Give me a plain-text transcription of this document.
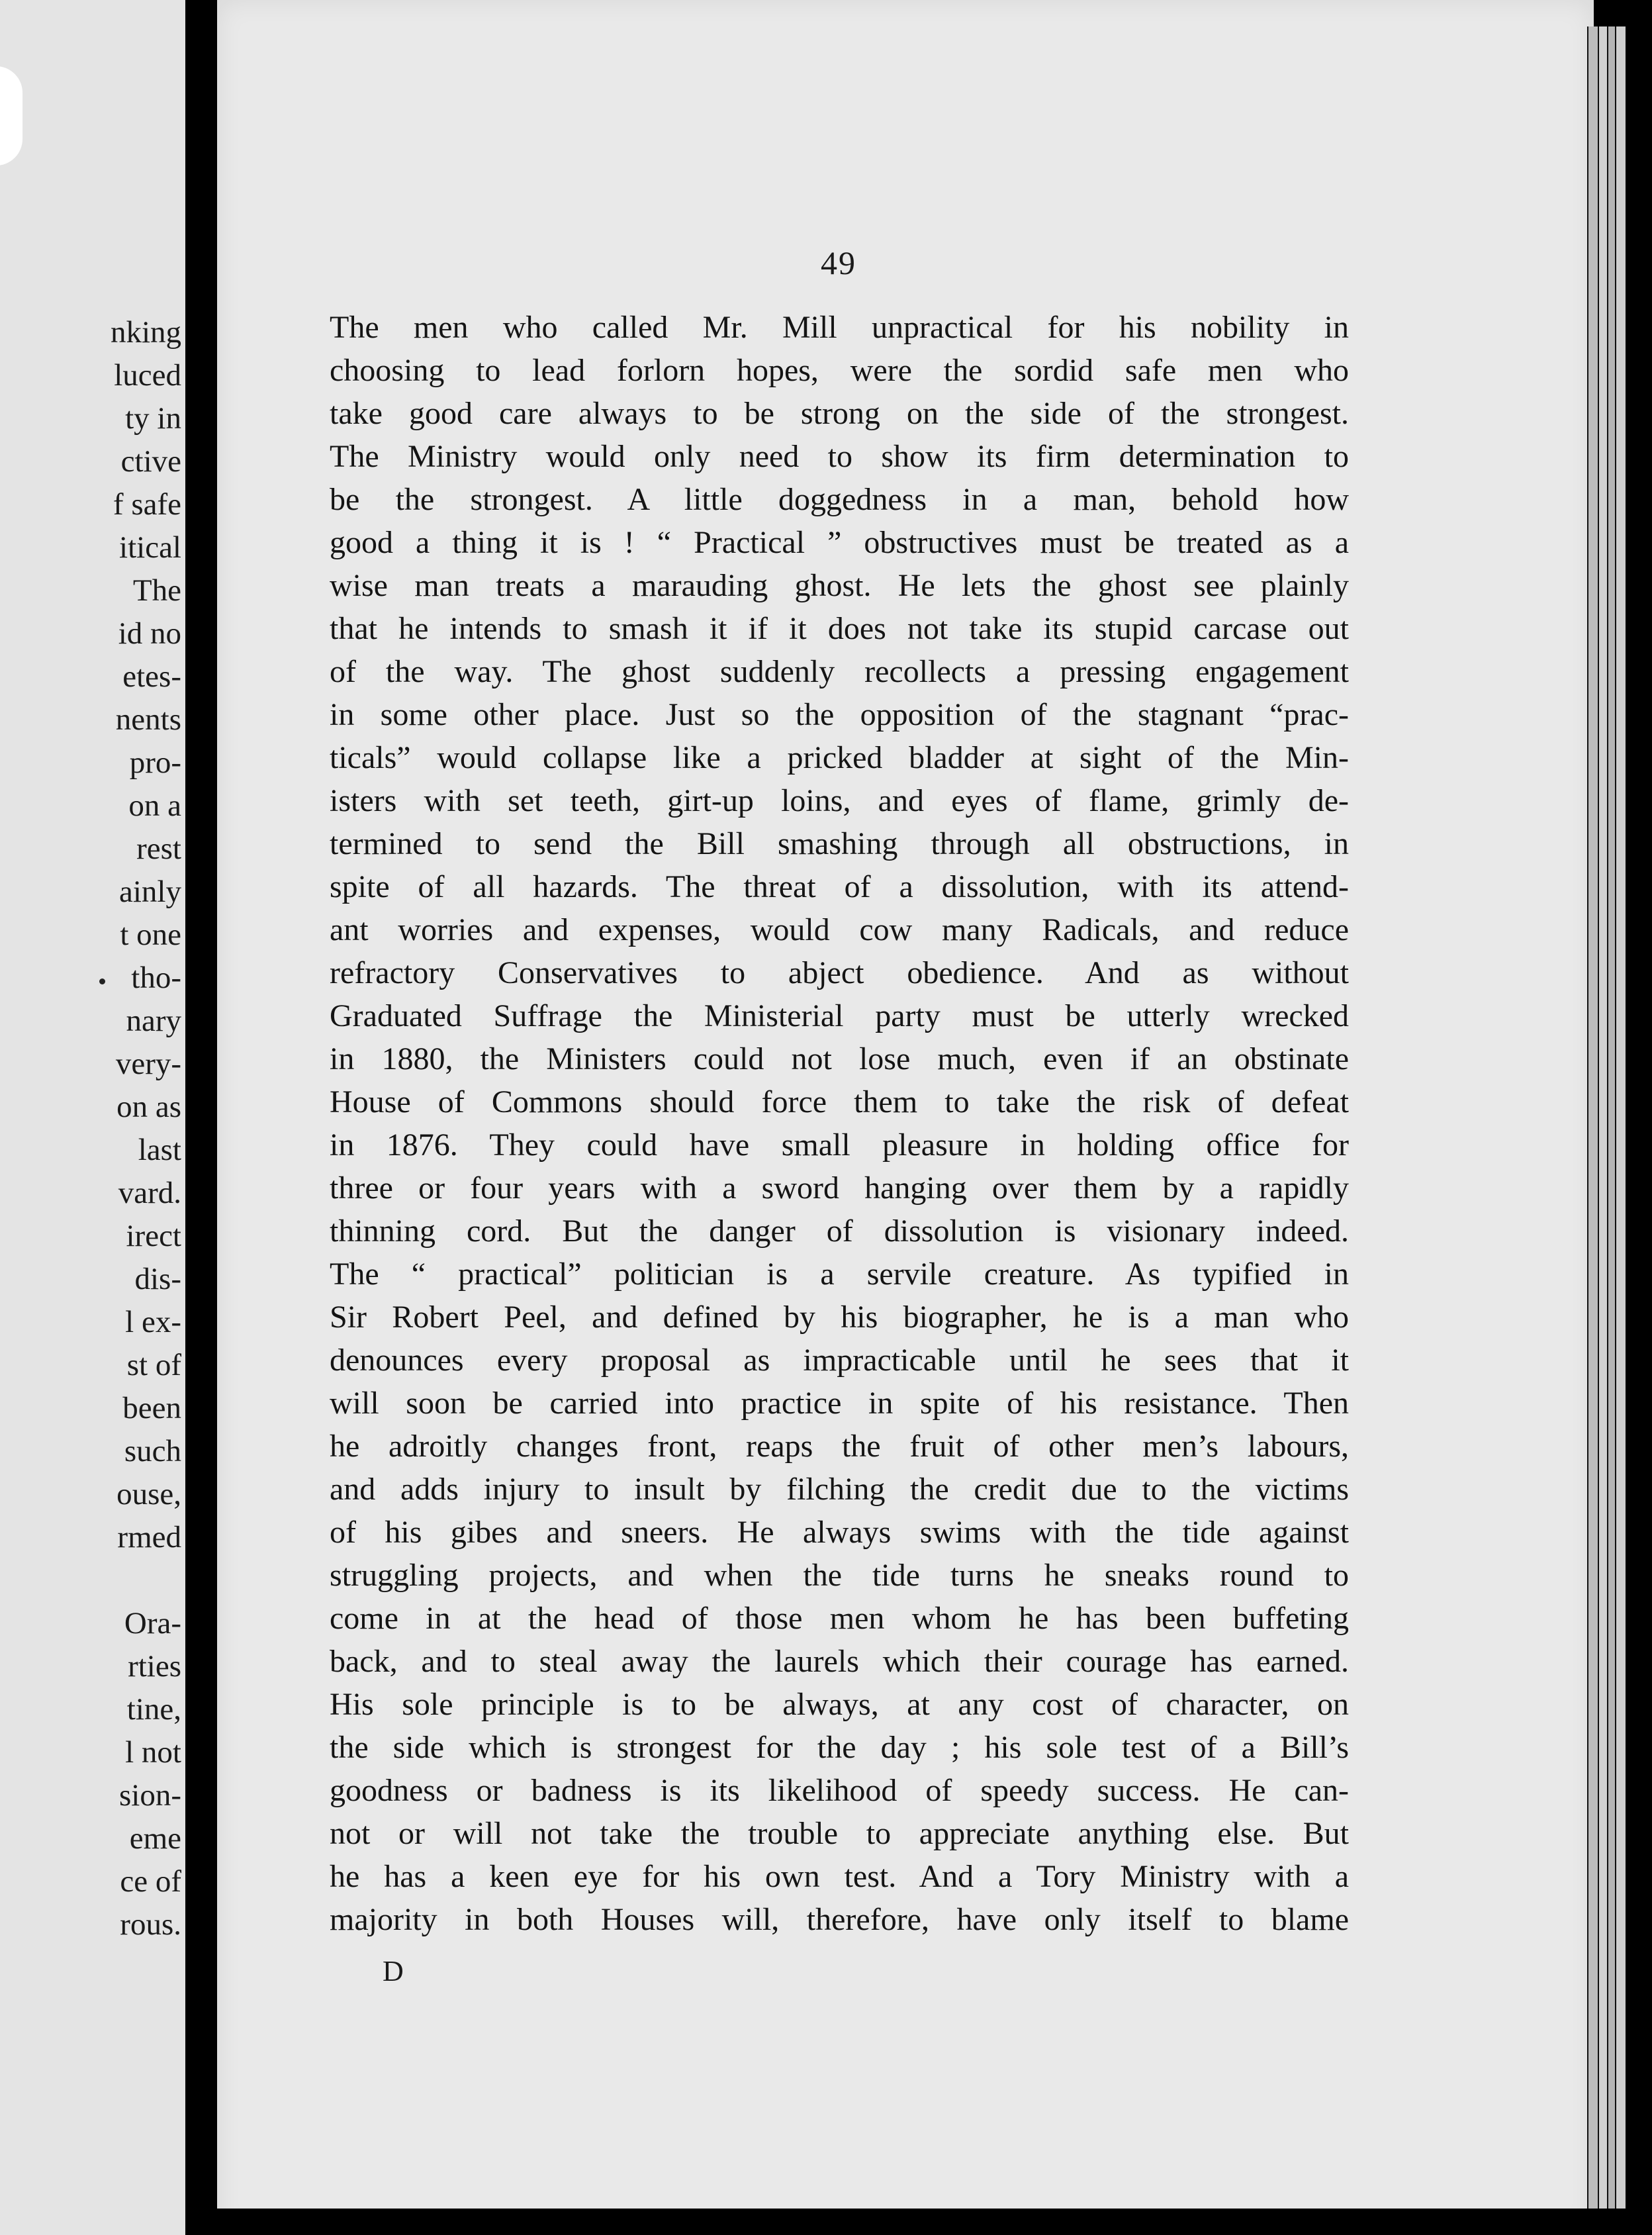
nking
luced
ty in
ctive
f safe
itical
The
id no
etes-
nents
pro-
on a
rest
ainly
t one
tho-
nary
very-
on as
last
vard.
irect
dis-
l ex-
st of
been
such
ouse,
rmed
Ora-
rties
tine,
l not
sion-
eme
ce of
rous.
49
The men who called Mr. Mill unpractical for his nobility in
choosing to lead forlorn hopes, were the sordid safe men who
take good care always to be strong on the side of the strongest.
The Ministry would only need to show its firm determination to
be the strongest. A little doggedness in a man, behold how
good a thing it is ! “ Practical ” obstructives must be treated as a
wise man treats a marauding ghost. He lets the ghost see plainly
that he intends to smash it if it does not take its stupid carcase out
of the way. The ghost suddenly recollects a pressing engagement
in some other place. Just so the opposition of the stagnant “prac-
ticals” would collapse like a pricked bladder at sight of the Min-
isters with set teeth, girt-up loins, and eyes of flame, grimly de-
termined to send the Bill smashing through all obstructions, in
spite of all hazards. The threat of a dissolution, with its attend-
ant worries and expenses, would cow many Radicals, and reduce
refractory Conservatives to abject obedience. And as without
Graduated Suffrage the Ministerial party must be utterly wrecked
in 1880, the Ministers could not lose much, even if an obstinate
House of Commons should force them to take the risk of defeat
in 1876. They could have small pleasure in holding office for
three or four years with a sword hanging over them by a rapidly
thinning cord. But the danger of dissolution is visionary indeed.
The “ practical” politician is a servile creature. As typified in
Sir Robert Peel, and defined by his biographer, he is a man who
denounces every proposal as impracticable until he sees that it
will soon be carried into practice in spite of his resistance. Then
he adroitly changes front, reaps the fruit of other men’s labours,
and adds injury to insult by filching the credit due to the victims
of his gibes and sneers. He always swims with the tide against
struggling projects, and when the tide turns he sneaks round to
come in at the head of those men whom he has been buffeting
back, and to steal away the laurels which their courage has earned.
His sole principle is to be always, at any cost of character, on
the side which is strongest for the day ; his sole test of a Bill’s
goodness or badness is its likelihood of speedy success. He can-
not or will not take the trouble to appreciate anything else. But
he has a keen eye for his own test. And a Tory Ministry with a
majority in both Houses will, therefore, have only itself to blame
D
